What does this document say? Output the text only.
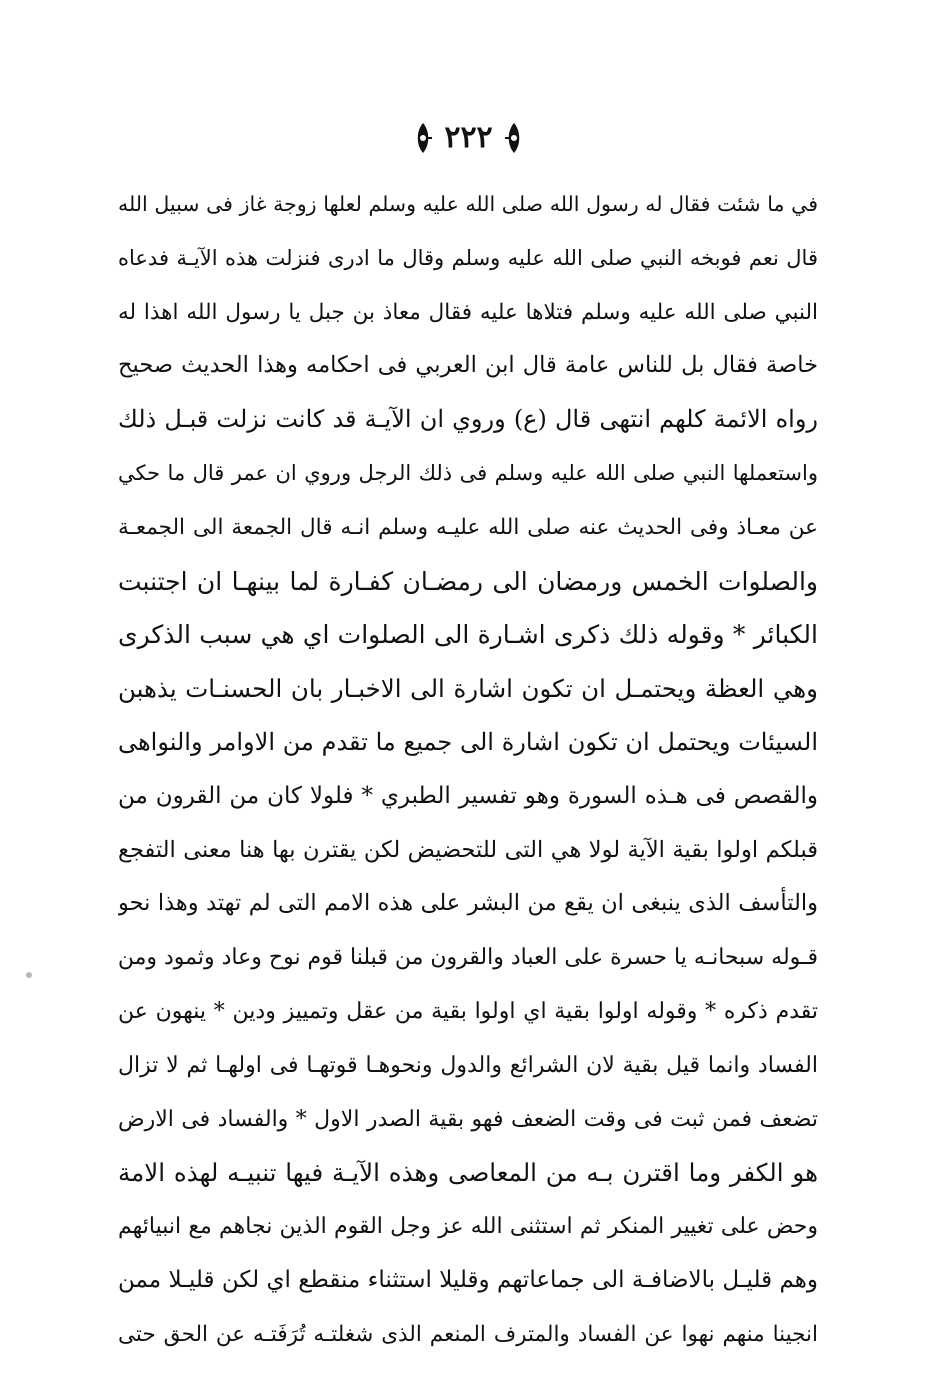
٢٢٢
في ما شئت فقال له رسول الله صلى الله عليه وسلم لعلها زوجة غاز فى سبيل الله
قال نعم فوبخه النبي صلى الله عليه وسلم وقال ما ادرى فنزلت هذه الآيـة فدعاه
النبي صلى الله عليه وسلم فتلاها عليه فقال معاذ بن جبل يا رسول الله اهذا له
خاصة فقال بل للناس عامة قال ابن العربي فى احكامه وهذا الحديث صحيح
رواه الائمة كلهم انتهى قال (ع) وروي ان الآيـة قد كانت نزلت قبـل ذلك
واستعملها النبي صلى الله عليه وسلم فى ذلك الرجل وروي ان عمر قال ما حكي
عن معـاذ وفى الحديث عنه صلى الله عليـه وسلم انـه قال الجمعة الى الجمعـة
والصلوات الخمس ورمضان الى رمضـان كفـارة لما بينهـا ان اجتنبت
الكبائر * وقوله ذلك ذكرى اشـارة الى الصلوات اي هي سبب الذكرى
وهي العظة ويحتمـل ان تكون اشارة الى الاخبـار بان الحسنـات يذهبن
السيئات ويحتمل ان تكون اشارة الى جميع ما تقدم من الاوامر والنواهى
والقصص فى هـذه السورة وهو تفسير الطبري * فلولا كان من القرون من
قبلكم اولوا بقية الآية لولا هي التى للتحضيض لكن يقترن بها هنا معنى التفجع
والتأسف الذى ينبغى ان يقع من البشر على هذه الامم التى لم تهتد وهذا نحو
قـوله سبحانـه يا حسرة على العباد والقرون من قبلنا قوم نوح وعاد وثمود ومن
تقدم ذكره * وقوله اولوا بقية اي اولوا بقية من عقل وتمييز ودين * ينهون عن
الفساد وانما قيل بقية لان الشرائع والدول ونحوهـا قوتهـا فى اولهـا ثم لا تزال
تضعف فمن ثبت فى وقت الضعف فهو بقية الصدر الاول * والفساد فى الارض
هو الكفر وما اقترن بـه من المعاصى وهذه الآيـة فيها تنبيـه لهذه الامة
وحض على تغيير المنكر ثم استثنى الله عز وجل القوم الذين نجاهم مع انبيائهم
وهم قليـل بالاضافـة الى جماعاتهم وقليلا استثناء منقطع اي لكن قليـلا ممن
انجينا منهم نهوا عن الفساد والمترف المنعم الذى شغلتـه تُرَفَتـه عن الحق حتى
